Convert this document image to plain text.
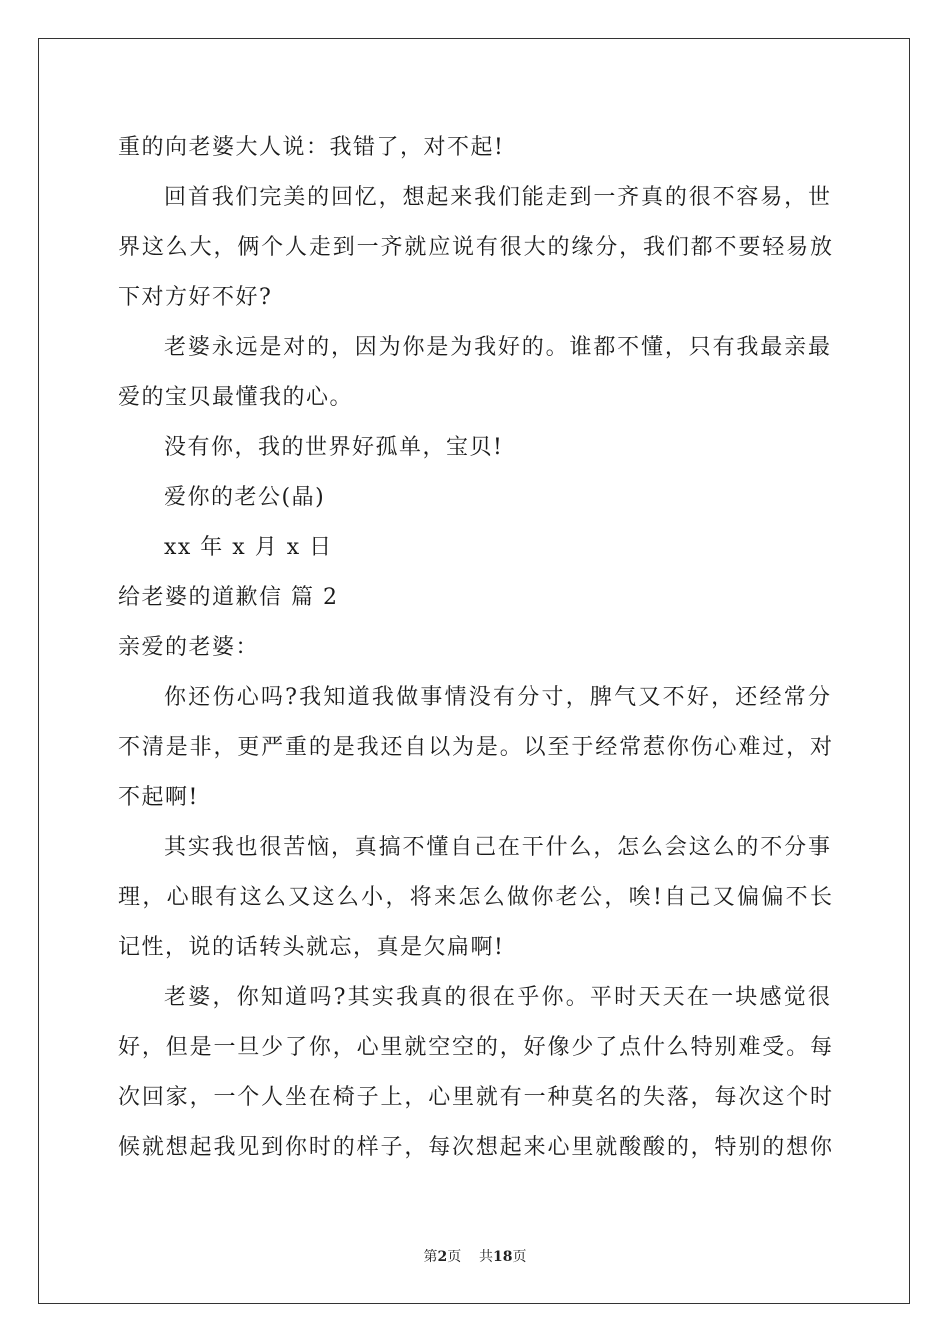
重的向老婆大人说：我错了，对不起!
回首我们完美的回忆，想起来我们能走到一齐真的很不容易，世
界这么大，俩个人走到一齐就应说有很大的缘分，我们都不要轻易放
下对方好不好?
老婆永远是对的，因为你是为我好的。谁都不懂，只有我最亲最
爱的宝贝最懂我的心。
没有你，我的世界好孤单，宝贝!
爱你的老公(晶)
xx 年 x 月 x 日
给老婆的道歉信 篇 2
亲爱的老婆：
你还伤心吗?我知道我做事情没有分寸，脾气又不好，还经常分
不清是非，更严重的是我还自以为是。以至于经常惹你伤心难过，对
不起啊!
其实我也很苦恼，真搞不懂自己在干什么，怎么会这么的不分事
理，心眼有这么又这么小，将来怎么做你老公，唉!自己又偏偏不长
记性，说的话转头就忘，真是欠扁啊!
老婆，你知道吗?其实我真的很在乎你。平时天天在一块感觉很
好，但是一旦少了你，心里就空空的，好像少了点什么特别难受。每
次回家，一个人坐在椅子上，心里就有一种莫名的失落，每次这个时
候就想起我见到你时的样子，每次想起来心里就酸酸的，特别的想你
第2页 共18页
